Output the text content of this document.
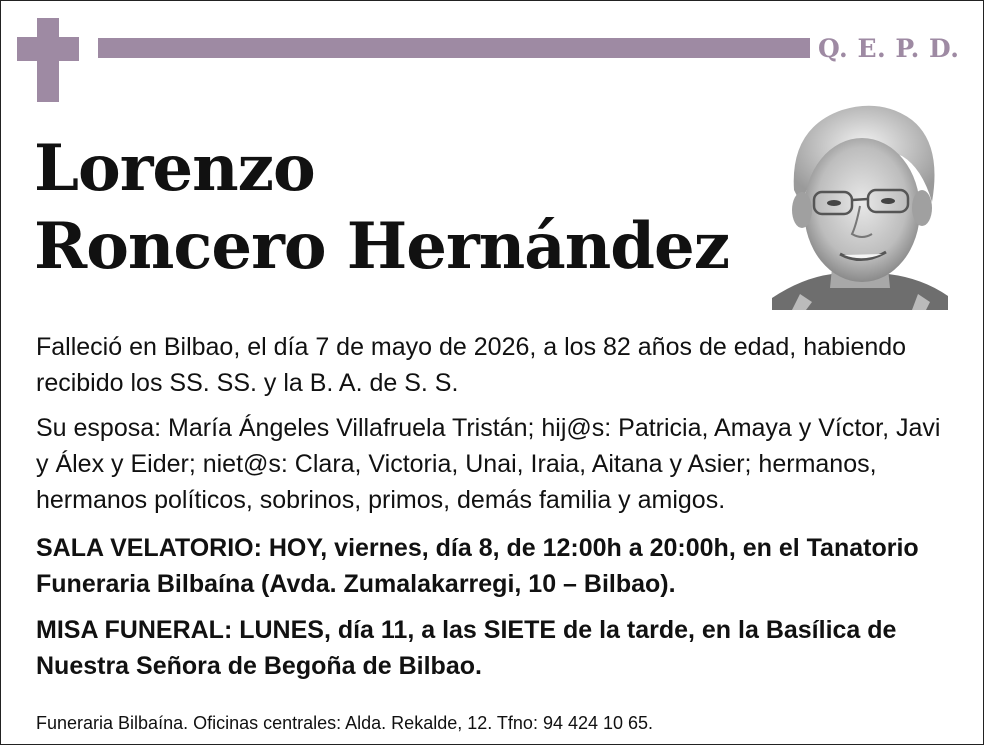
Q. E. P. D.
Lorenzo
Roncero Hernández
Falleció en Bilbao, el día 7 de mayo de 2026, a los 82 años de edad, habiendo recibido los SS. SS. y la B. A. de S. S.
Su esposa: María Ángeles Villafruela Tristán; hij@s: Patricia, Amaya y Víctor, Javi y Álex y Eider; niet@s: Clara, Victoria, Unai, Iraia, Aitana y Asier; hermanos, hermanos políticos, sobrinos, primos, demás familia y amigos.
SALA VELATORIO: HOY, viernes, día 8, de 12:00h a 20:00h, en el Tanatorio Funeraria Bilbaína (Avda. Zumalakarregi, 10 – Bilbao).
MISA FUNERAL: LUNES, día 11, a las SIETE de la tarde, en la Basílica de Nuestra Señora de Begoña de Bilbao.
Funeraria Bilbaína. Oficinas centrales: Alda. Rekalde, 12. Tfno: 94 424 10 65.
